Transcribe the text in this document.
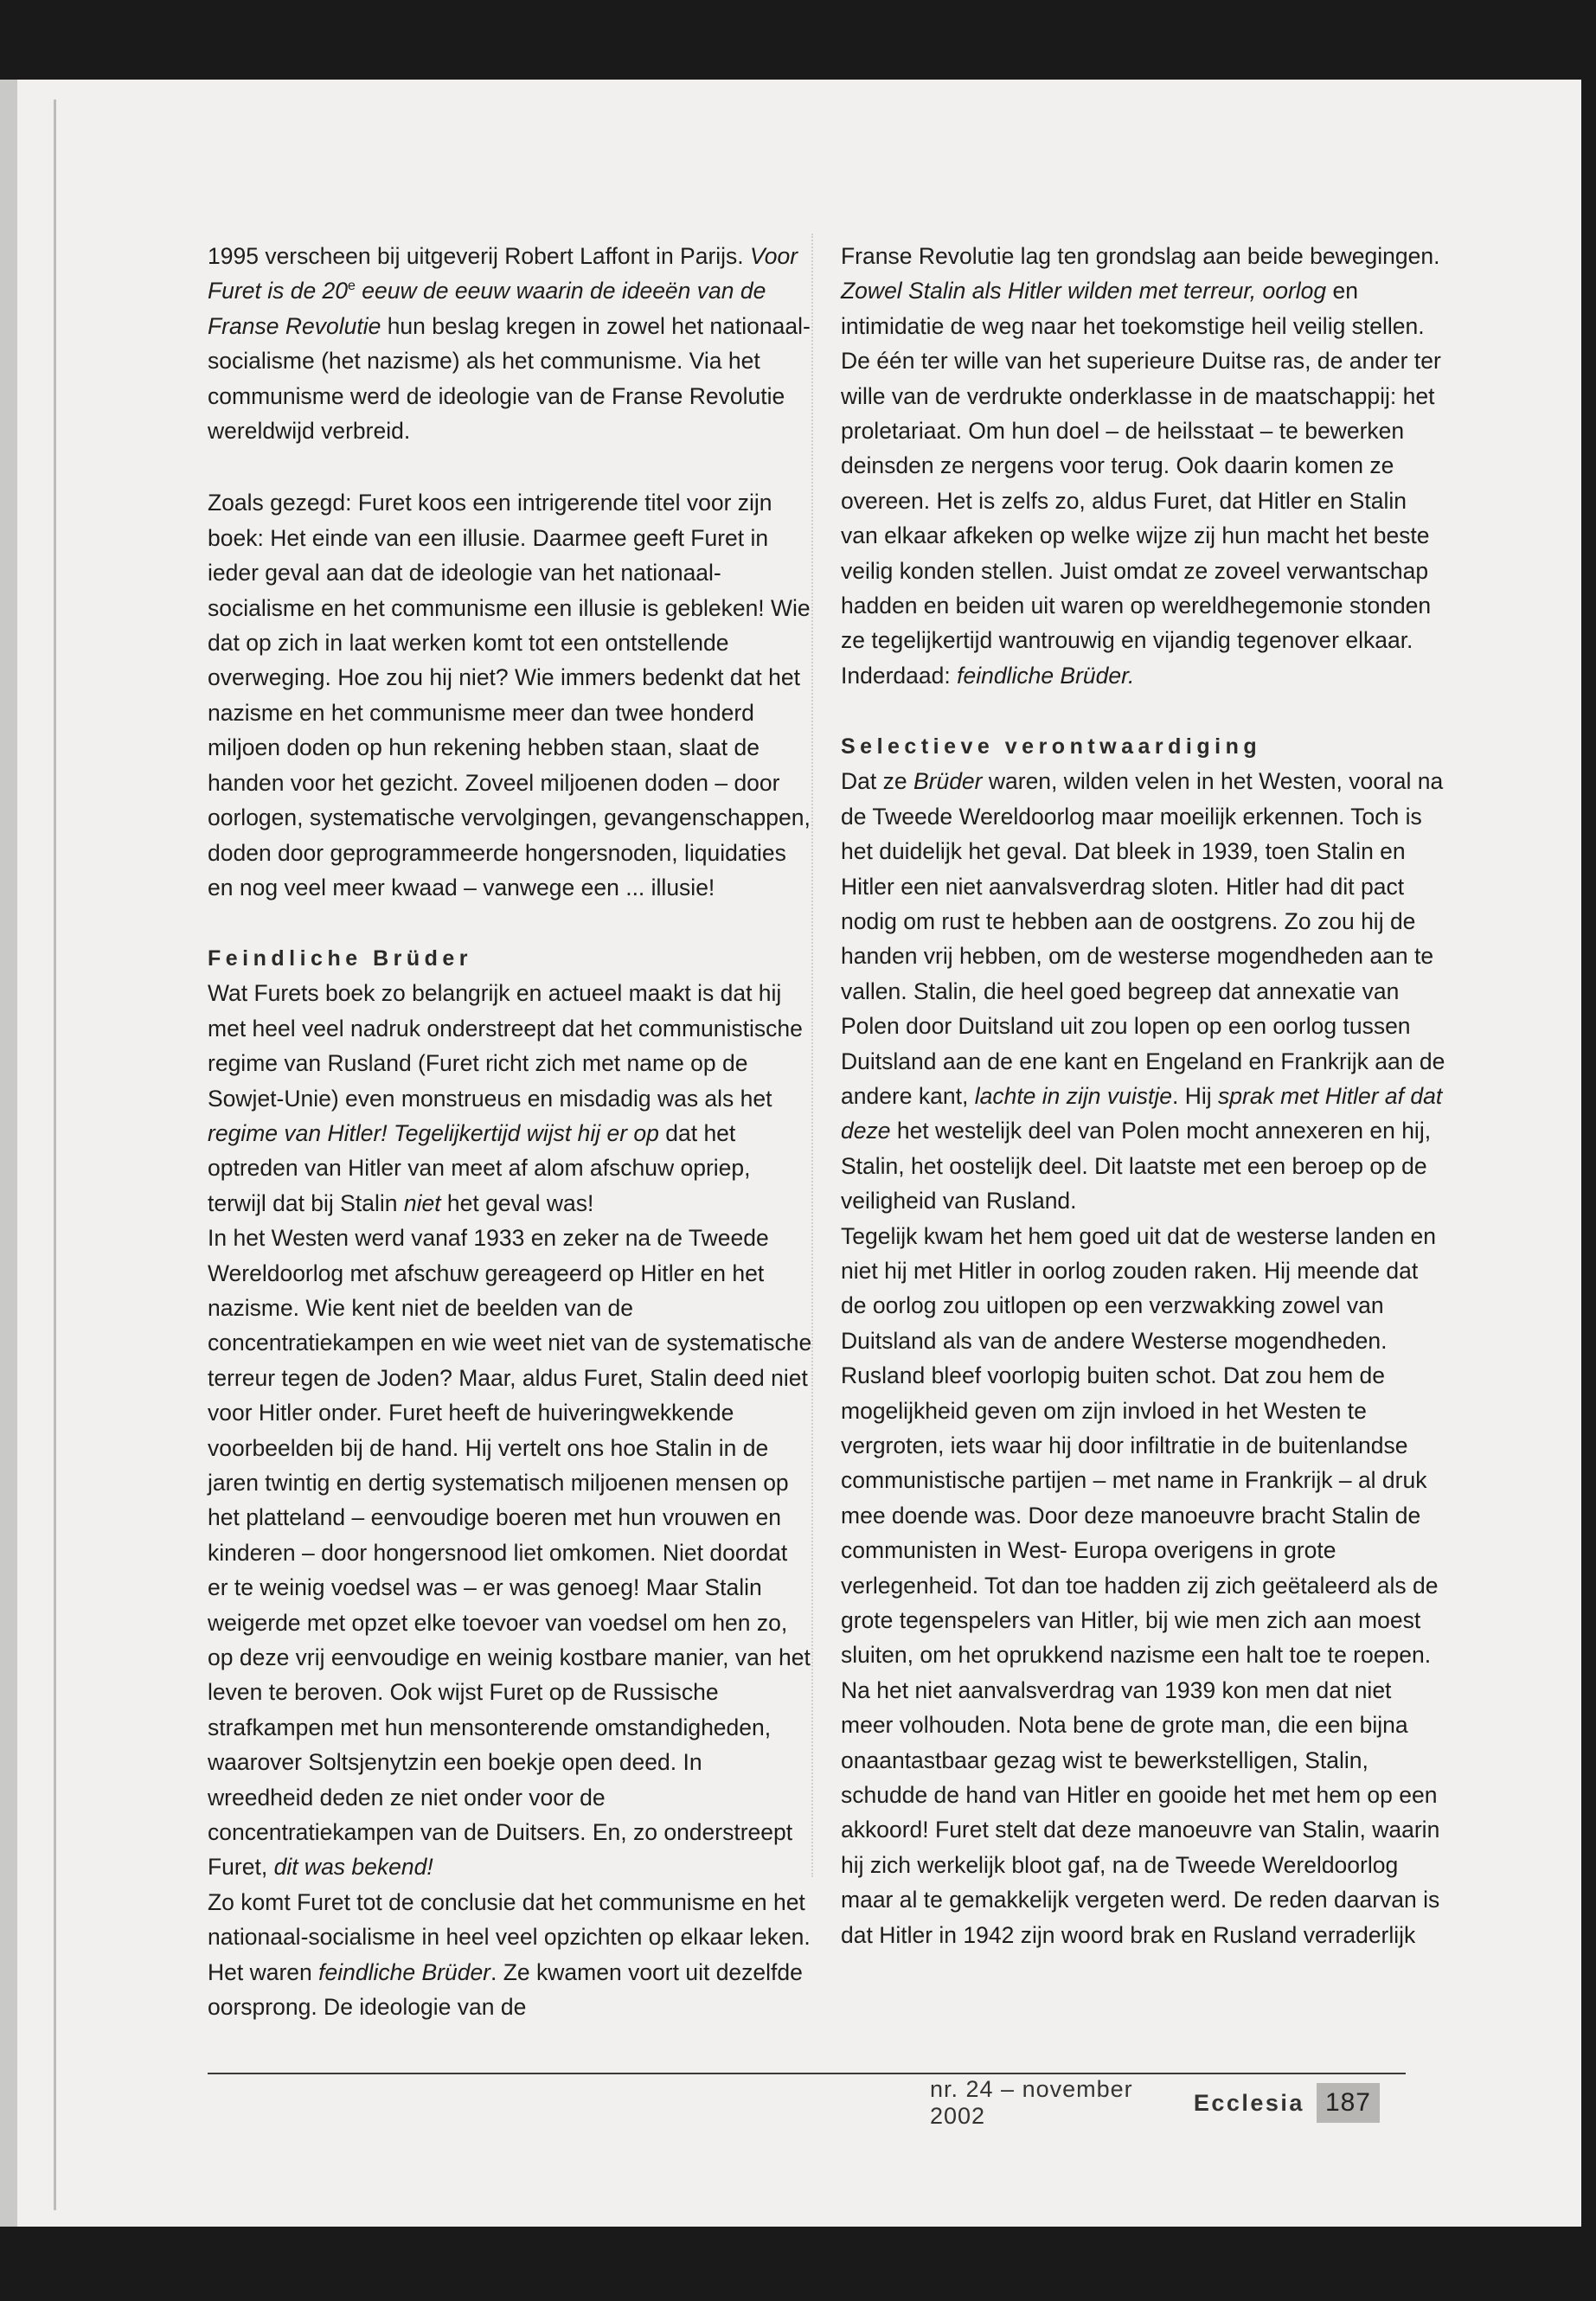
1995 verscheen bij uitgeverij Robert Laffont in Parijs. Voor Furet is de 20e eeuw de eeuw waarin de ideeën van de Franse Revolutie hun beslag kregen in zowel het nationaal-socialisme (het nazisme) als het communisme. Via het communisme werd de ideologie van de Franse Revolutie wereldwijd verbreid.

Zoals gezegd: Furet koos een intrigerende titel voor zijn boek: Het einde van een illusie. Daarmee geeft Furet in ieder geval aan dat de ideologie van het nationaal-socialisme en het communisme een illusie is gebleken! Wie dat op zich in laat werken komt tot een ontstellende overweging. Hoe zou hij niet? Wie immers bedenkt dat het nazisme en het communisme meer dan twee honderd miljoen doden op hun rekening hebben staan, slaat de handen voor het gezicht. Zoveel miljoenen doden – door oorlogen, systematische vervolgingen, gevangenschappen, doden door geprogrammeerde hongersnoden, liquidaties en nog veel meer kwaad – vanwege een ... illusie!

Feindliche Brüder

Wat Furets boek zo belangrijk en actueel maakt is dat hij met heel veel nadruk onderstreept dat het communistische regime van Rusland (Furet richt zich met name op de Sowjet-Unie) even monstrueus en misdadig was als het regime van Hitler! Tegelijkertijd wijst hij er op dat het optreden van Hitler van meet af alom afschuw opriep, terwijl dat bij Stalin niet het geval was!

In het Westen werd vanaf 1933 en zeker na de Tweede Wereldoorlog met afschuw gereageerd op Hitler en het nazisme. Wie kent niet de beelden van de concentratiekampen en wie weet niet van de systematische terreur tegen de Joden? Maar, aldus Furet, Stalin deed niet voor Hitler onder. Furet heeft de huiveringwekkende voorbeelden bij de hand. Hij vertelt ons hoe Stalin in de jaren twintig en dertig systematisch miljoenen mensen op het platteland – eenvoudige boeren met hun vrouwen en kinderen – door hongersnood liet omkomen. Niet doordat er te weinig voedsel was – er was genoeg! Maar Stalin weigerde met opzet elke toevoer van voedsel om hen zo, op deze vrij eenvoudige en weinig kostbare manier, van het leven te beroven. Ook wijst Furet op de Russische strafkampen met hun mensonterende omstandigheden, waarover Soltsjenytzin een boekje open deed. In wreedheid deden ze niet onder voor de concentratiekampen van de Duitsers. En, zo onderstreept Furet, dit was bekend!

Zo komt Furet tot de conclusie dat het communisme en het nationaal-socialisme in heel veel opzichten op elkaar leken. Het waren feindliche Brüder. Ze kwamen voort uit dezelfde oorsprong. De ideologie van de

Franse Revolutie lag ten grondslag aan beide bewegingen. Zowel Stalin als Hitler wilden met terreur, oorlog en intimidatie de weg naar het toekomstige heil veilig stellen. De één ter wille van het superieure Duitse ras, de ander ter wille van de verdrukte onderklasse in de maatschappij: het proletariaat. Om hun doel – de heilsstaat – te bewerken deinsden ze nergens voor terug. Ook daarin komen ze overeen. Het is zelfs zo, aldus Furet, dat Hitler en Stalin van elkaar afkeken op welke wijze zij hun macht het beste veilig konden stellen. Juist omdat ze zoveel verwantschap hadden en beiden uit waren op wereldhegemonie stonden ze tegelijkertijd wantrouwig en vijandig tegenover elkaar. Inderdaad: feindliche Brüder.

Selectieve verontwaardiging

Dat ze Brüder waren, wilden velen in het Westen, vooral na de Tweede Wereldoorlog maar moeilijk erkennen. Toch is het duidelijk het geval. Dat bleek in 1939, toen Stalin en Hitler een niet aanvalsverdrag sloten. Hitler had dit pact nodig om rust te hebben aan de oostgrens. Zo zou hij de handen vrij hebben, om de westerse mogendheden aan te vallen. Stalin, die heel goed begreep dat annexatie van Polen door Duitsland uit zou lopen op een oorlog tussen Duitsland aan de ene kant en Engeland en Frankrijk aan de andere kant, lachte in zijn vuistje. Hij sprak met Hitler af dat deze het westelijk deel van Polen mocht annexeren en hij, Stalin, het oostelijk deel. Dit laatste met een beroep op de veiligheid van Rusland.

Tegelijk kwam het hem goed uit dat de westerse landen en niet hij met Hitler in oorlog zouden raken. Hij meende dat de oorlog zou uitlopen op een verzwakking zowel van Duitsland als van de andere Westerse mogendheden. Rusland bleef voorlopig buiten schot. Dat zou hem de mogelijkheid geven om zijn invloed in het Westen te vergroten, iets waar hij door infiltratie in de buitenlandse communistische partijen – met name in Frankrijk – al druk mee doende was. Door deze manoeuvre bracht Stalin de communisten in West- Europa overigens in grote verlegenheid. Tot dan toe hadden zij zich geëtaleerd als de grote tegenspelers van Hitler, bij wie men zich aan moest sluiten, om het oprukkend nazisme een halt toe te roepen. Na het niet aanvalsverdrag van 1939 kon men dat niet meer volhouden. Nota bene de grote man, die een bijna onaantastbaar gezag wist te bewerkstelligen, Stalin, schudde de hand van Hitler en gooide het met hem op een akkoord! Furet stelt dat deze manoeuvre van Stalin, waarin hij zich werkelijk bloot gaf, na de Tweede Wereldoorlog maar al te gemakkelijk vergeten werd. De reden daarvan is dat Hitler in 1942 zijn woord brak en Rusland verraderlijk

nr. 24 – november 2002
Ecclesia 187
